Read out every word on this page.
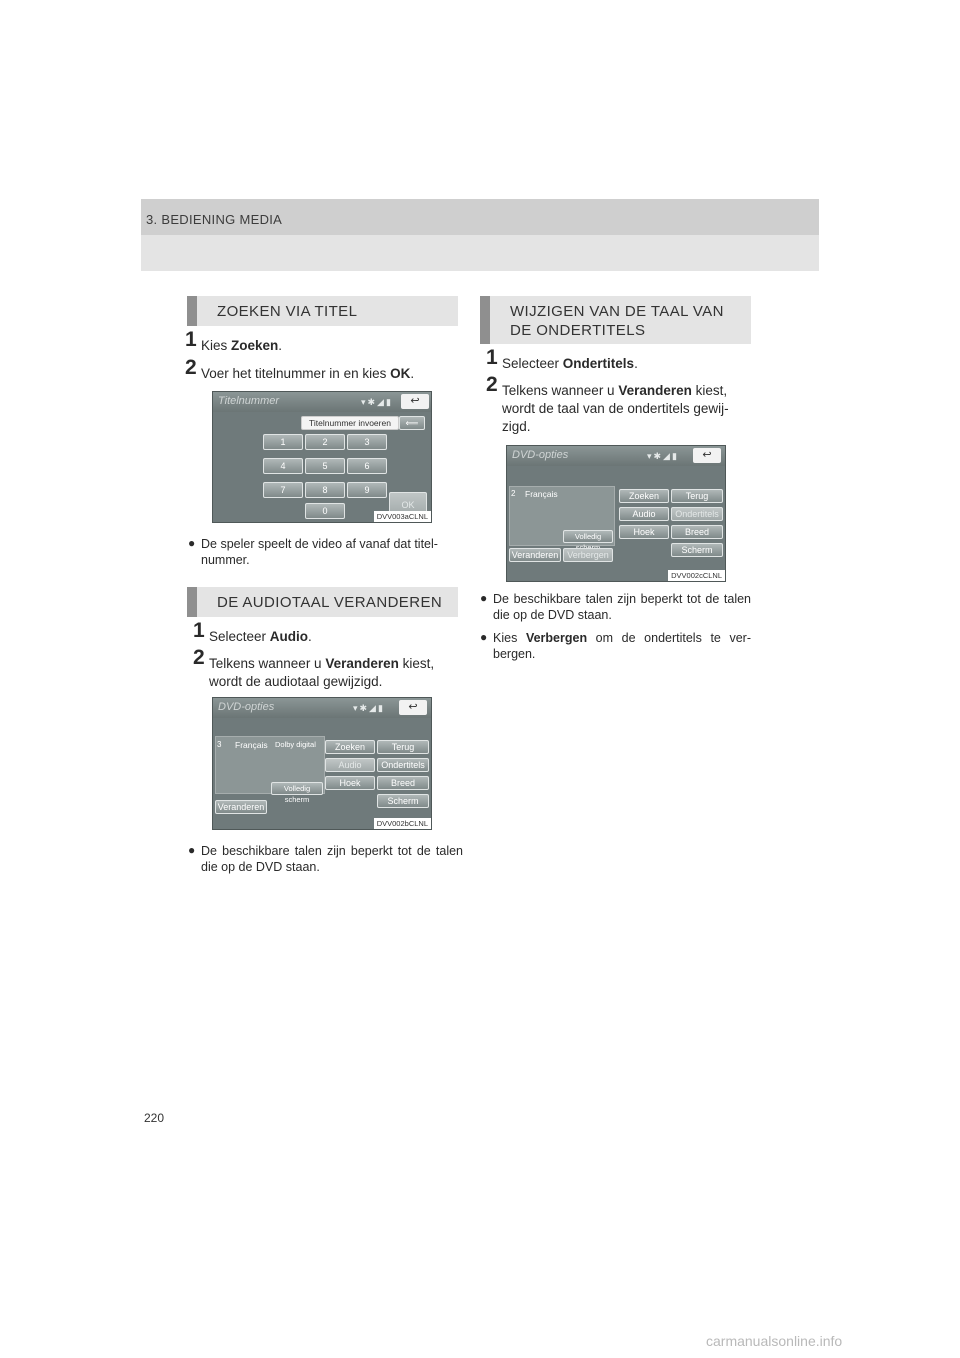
3. BEDIENING MEDIA
ZOEKEN VIA TITEL
1 Kies Zoeken.
2 Voer het titelnummer in en kies OK.
Titelnummer	▾✱◢▮	↩
Titelnummer invoeren	⟸
1	2	3
4	5	6
7	8	9
0
OK
DVV003aCLNL
● De speler speelt de video af vanaf dat titel-nummer.
DE AUDIOTAAL VERANDEREN
1 Selecteer Audio.
2 Telkens wanneer u Veranderen kiest, wordt de audiotaal gewijzigd.
DVD-opties	▾✱◢▮	↩
3 Français Dolby digital	Zoeken	Terug
Audio	Ondertitels
Hoek	Breed
Scherm
Volledig scherm
Veranderen
DVV002bCLNL
● De beschikbare talen zijn beperkt tot de talen die op de DVD staan.
WIJZIGEN VAN DE TAAL VAN DE ONDERTITELS
1 Selecteer Ondertitels.
2 Telkens wanneer u Veranderen kiest, wordt de taal van de ondertitels gewij-zigd.
DVD-opties	▾✱◢▮	↩
2 Français	Zoeken	Terug
Audio	Ondertitels
Hoek	Breed
Scherm
Volledig
Veranderen Verbergen
DVV002cCLNL
● De beschikbare talen zijn beperkt tot de talen die op de DVD staan.
● Kies Verbergen om de ondertitels te ver-bergen.
220
carmanualsonline.info
